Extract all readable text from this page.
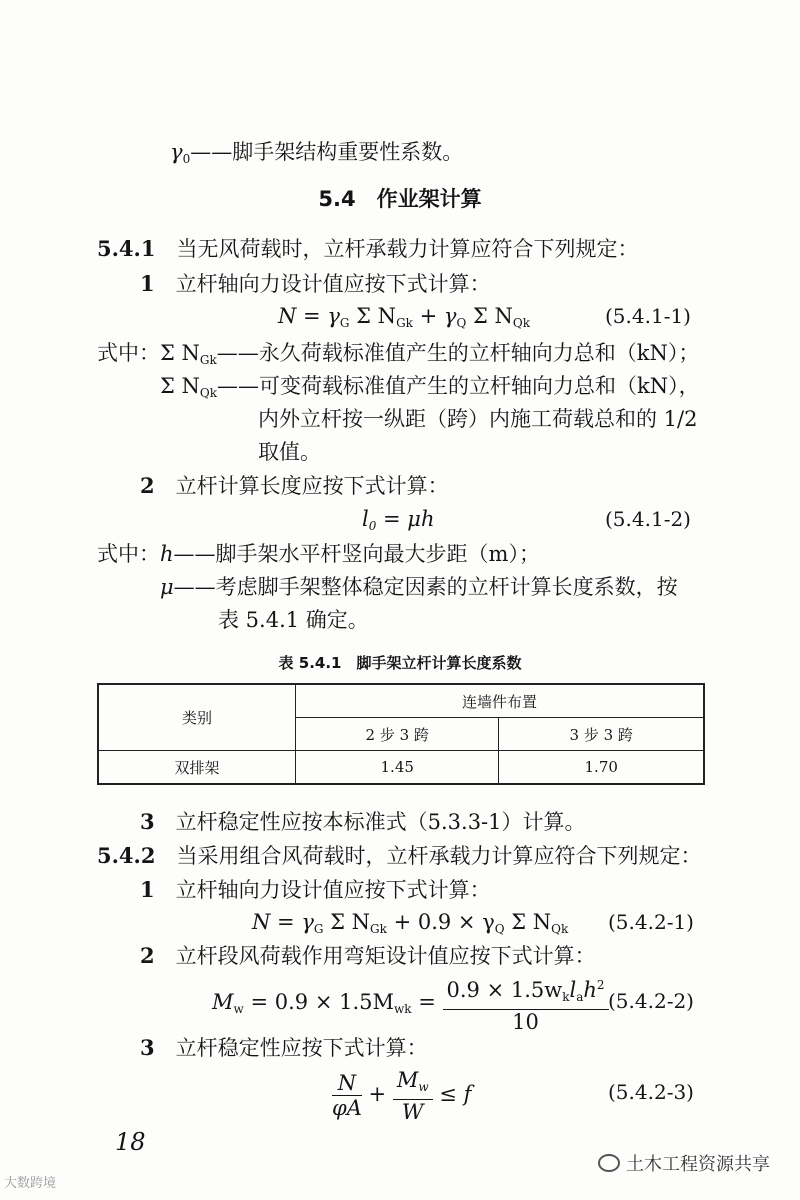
$\gamma_0——$脚手架结构重要性系数。
5.4　作业架计算
5.4.1　 当无风荷载时，立杆承载力计算应符合下列规定：
1　 立杆轴向力设计值应按下式计算：
$N = \gamma_G$ Σ $N_{Gk} + \gamma_Q$ Σ $N_{Qk}$	(5.4.1-1)
式中：Σ $N_{Gk}——$永久荷载标准值产生的立杆轴向力总和（kN）；
Σ $N_{Qk}——$可变荷载标准值产生的立杆轴向力总和（kN），
内外立杆按一纵距（跨）内施工荷载总和的 1/2
取值。
2　 立杆计算长度应按下式计算：
$l_0 = \mu h$	(5.4.1-2)
式中：h——脚手架水平杆竖向最大步距（m）；
μ——考虑脚手架整体稳定因素的立杆计算长度系数，按
表 5.4.1 确定。
表 5.4.1　脚手架立杆计算长度系数
类别	连墙件布置	
	2 步 3 跨	3 步 3 跨
双排架	1.45	1.70
3　 立杆稳定性应按本标准式（5.3.3-1）计算。
5.4.2　 当采用组合风荷载时，立杆承载力计算应符合下列规定：
1　 立杆轴向力设计值应按下式计算：
$N = \gamma_G$ Σ $N_{Gk} + 0.9 \times \gamma_Q$ Σ $N_{Qk}$ (5.4.2-1)
2　 立杆段风荷载作用弯矩设计值应按下式计算：
$M_w = 0.9 \times 1.5M_{wk} = \frac{0.9 \times 1.5w_kl_ah^2}{10} (5.4.2-2)$
3　 立杆稳定性应按下式计算：
$\frac{N}{\varphi A} + \frac{M_w}{W} \le f$	(5.4.2-3)
18
大数跨境
土木工程资源共享
